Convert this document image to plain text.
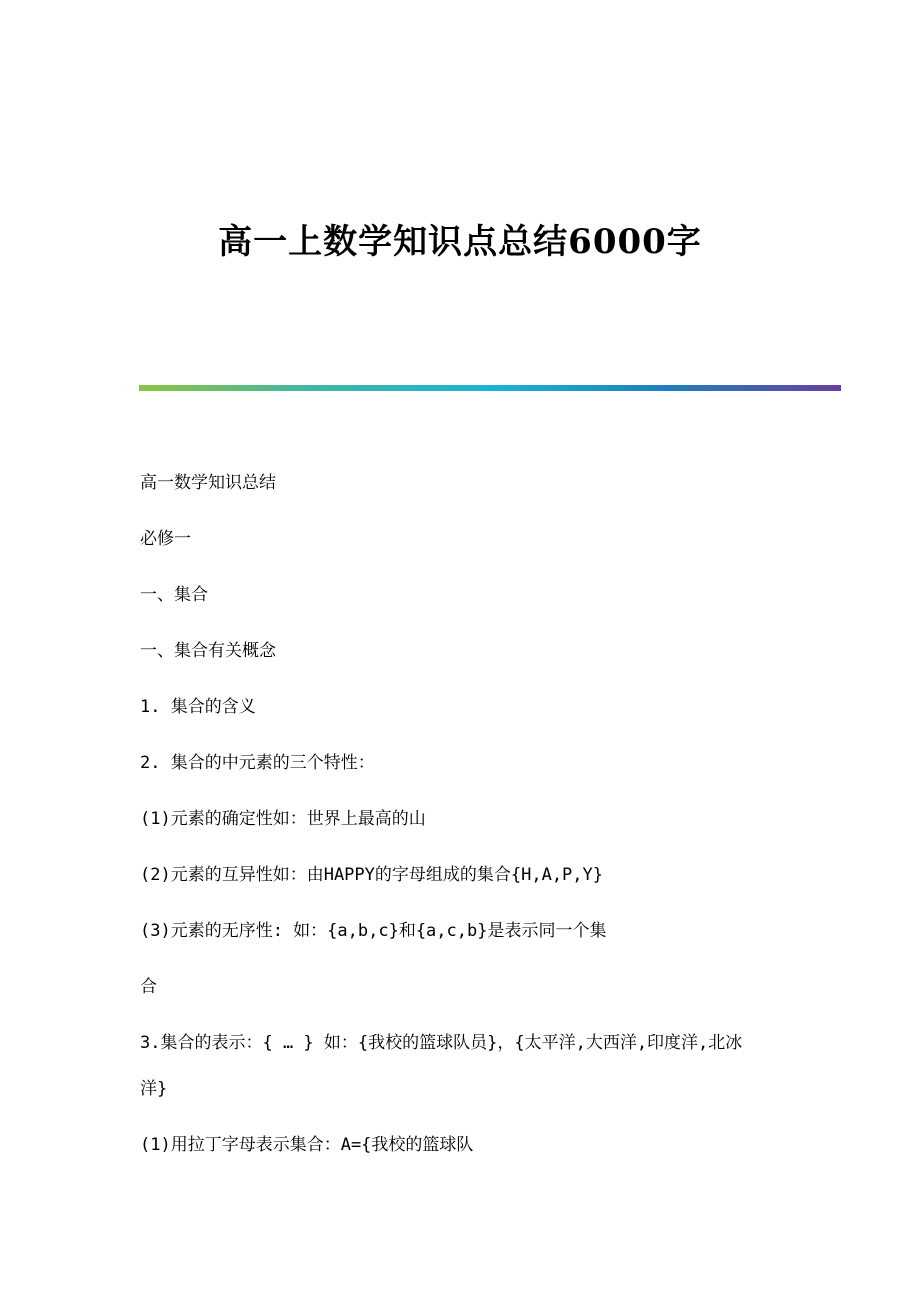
高一上数学知识点总结6000字

高一数学知识总结

必修一

一、集合

一、集合有关概念

1. 集合的含义

2. 集合的中元素的三个特性：

(1)元素的确定性如：世界上最高的山

(2)元素的互异性如：由HAPPY的字母组成的集合{H,A,P,Y}

(3)元素的无序性: 如：{a,b,c}和{a,c,b}是表示同一个集

合

3.集合的表示：{ … } 如：{我校的篮球队员}，{太平洋,大西洋,印度洋,北冰

洋}

(1)用拉丁字母表示集合：A={我校的篮球队
